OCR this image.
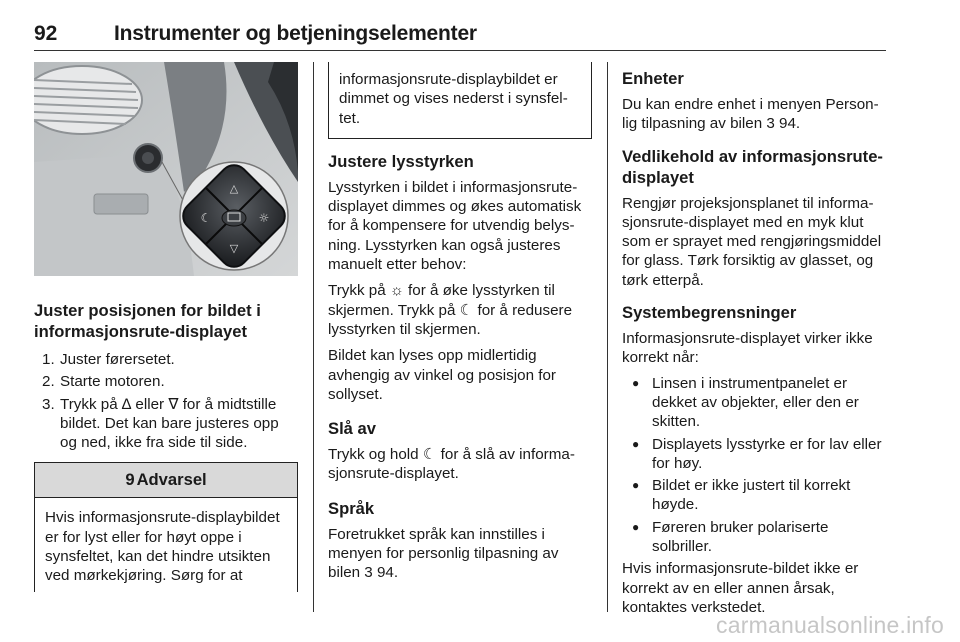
92	Instrumenter og betjeningselementer
△
▽
☾	☼
Juster posisjonen for bildet i informasjonsrute-displayet
1. Juster førersetet.
2. Starte motoren.
3. Trykk på ∆ eller ∇ for å midtstille bildet. Det kan bare justeres opp og ned, ikke fra side til side.
9 Advarsel

Hvis informasjonsrute-displaybildet er for lyst eller for høyt oppe i synsfeltet, kan det hindre utsikten ved mørkekjøring. Sørg for at

informasjonsrute-displaybildet er dimmet og vises nederst i synsfeltet.

Justere lysstyrken

Lysstyrken i bildet i informasjonsrute-displayet dimmes og økes automatisk for å kompensere for utvendig belysning. Lysstyrken kan også justeres manuelt etter behov:

Trykk på ☼ for å øke lysstyrken til skjermen. Trykk på ☾ for å redusere lysstyrken til skjermen.

Bildet kan lyses opp midlertidig avhengig av vinkel og posisjon for sollyset.

Slå av

Trykk og hold ☾ for å slå av informasjonsrute-displayet.

Språk

Foretrukket språk kan innstilles i menyen for personlig tilpasning av bilen 3 94.

Enheter

Du kan endre enhet i menyen Personlig tilpasning av bilen 3 94.

Vedlikehold av informasjonsrute-displayet

Rengjør projeksjonsplanet til informasjonsrute-displayet med en myk klut som er sprayet med rengjøringsmiddel for glass. Tørk forsiktig av glasset, og tørk etterpå.

Systembegrensninger

Informasjonsrute-displayet virker ikke korrekt når:

● Linsen i instrumentpanelet er dekket av objekter, eller den er skitten.
● Displayets lysstyrke er for lav eller for høy.
● Bildet er ikke justert til korrekt høyde.
● Føreren bruker polariserte solbriller.

Hvis informasjonsrute-bildet ikke er korrekt av en eller annen årsak, kontaktes verkstedet.

carmanualsonline.info
